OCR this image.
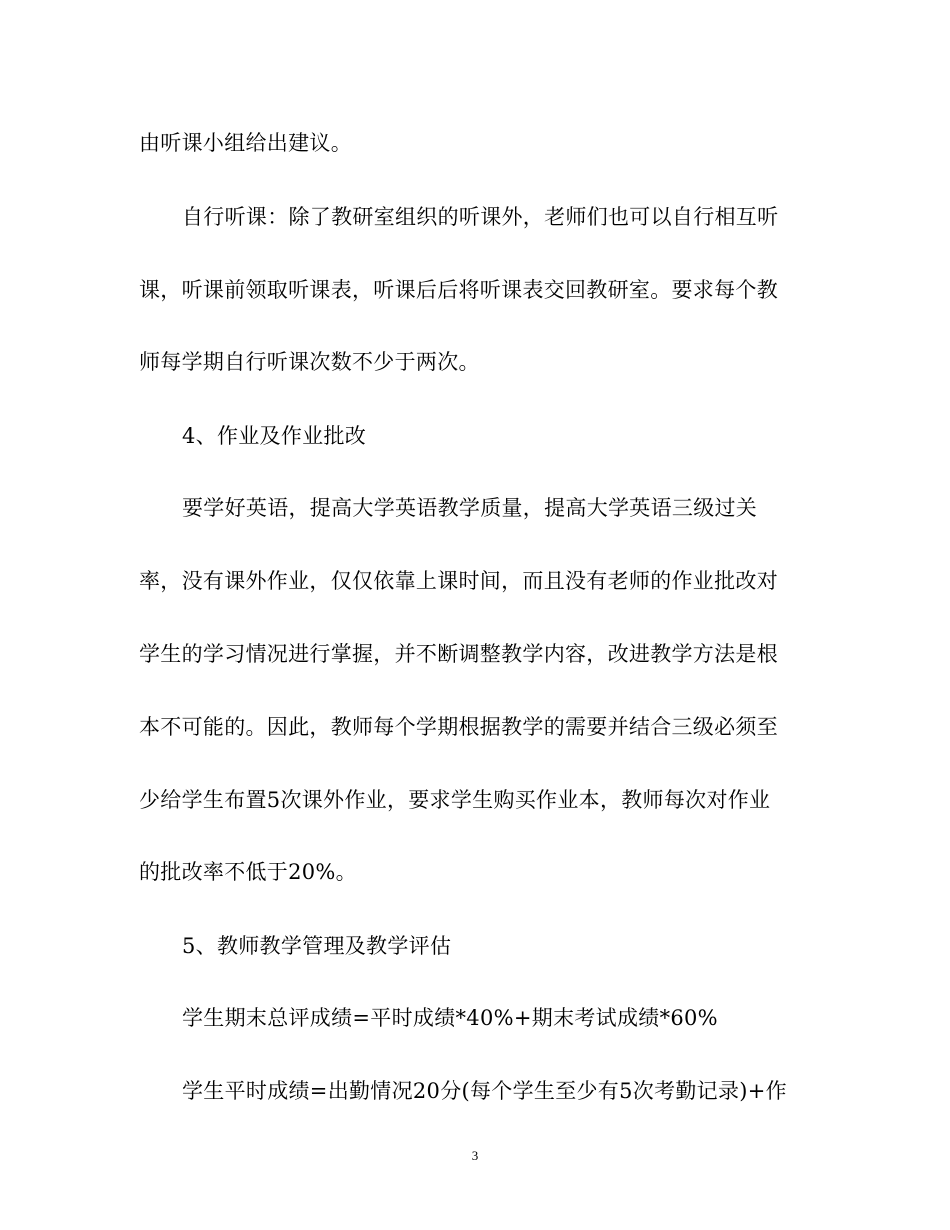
由听课小组给出建议。
自行听课：除了教研室组织的听课外，老师们也可以自行相互听
课，听课前领取听课表，听课后后将听课表交回教研室。要求每个教
师每学期自行听课次数不少于两次。
4、作业及作业批改
要学好英语，提高大学英语教学质量，提高大学英语三级过关
率，没有课外作业，仅仅依靠上课时间，而且没有老师的作业批改对
学生的学习情况进行掌握，并不断调整教学内容，改进教学方法是根
本不可能的。因此，教师每个学期根据教学的需要并结合三级必须至
少给学生布置5次课外作业，要求学生购买作业本，教师每次对作业
的批改率不低于20%。
5、教师教学管理及教学评估
学生期末总评成绩=平时成绩*40%+期末考试成绩*60%
学生平时成绩=出勤情况20分(每个学生至少有5次考勤记录)+作
3
